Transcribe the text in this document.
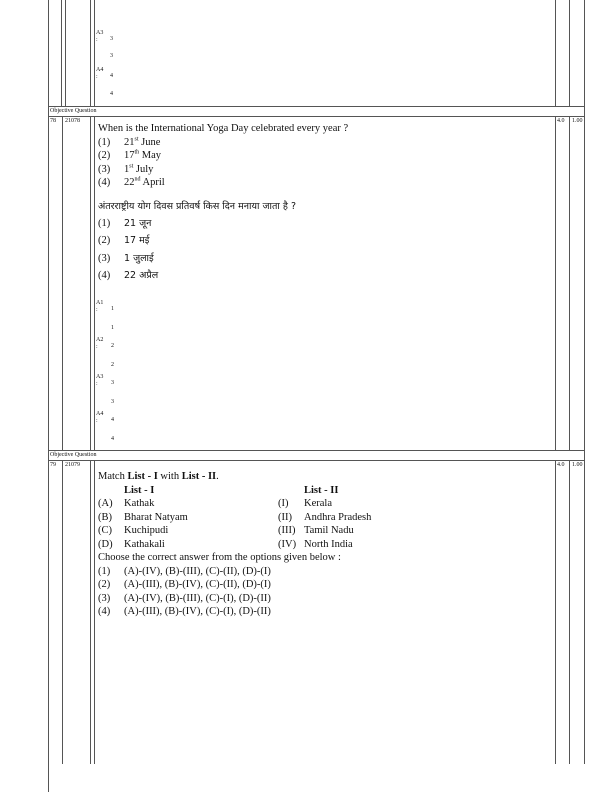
A3
:	3
3
A4
:	4
4
Objective Question
78 21078	4.0 1.00
When is the International Yoga Day celebrated every year ?
(1)	21st June
(2)	17th May
(3)	1st July
(4)	22nd April
अंतरराष्ट्रीय योग दिवस प्रतिवर्ष किस दिन मनाया जाता है ?
(1)	21 जून
(2)	17 मई
(3)	1 जुलाई
(4)	22 अप्रैल
A1
:	1
1
A2
:	2
2
A3
:	3
3
A4
:	4
4
Objective Question
79 21079	4.0 1.00
Match List - I with List - II.
	List - I		List - II
(A)	Kathak	(I)	Kerala
(B)	Bharat Natyam	(II)	Andhra Pradesh
(C)	Kuchipudi	(III)	Tamil Nadu
(D)	Kathakali	(IV)	North India
Choose the correct answer from the options given below :
(1)	(A)-(IV), (B)-(III), (C)-(II), (D)-(I)
(2)	(A)-(III), (B)-(IV), (C)-(II), (D)-(I)
(3)	(A)-(IV), (B)-(III), (C)-(I), (D)-(II)
(4)	(A)-(III), (B)-(IV), (C)-(I), (D)-(II)
